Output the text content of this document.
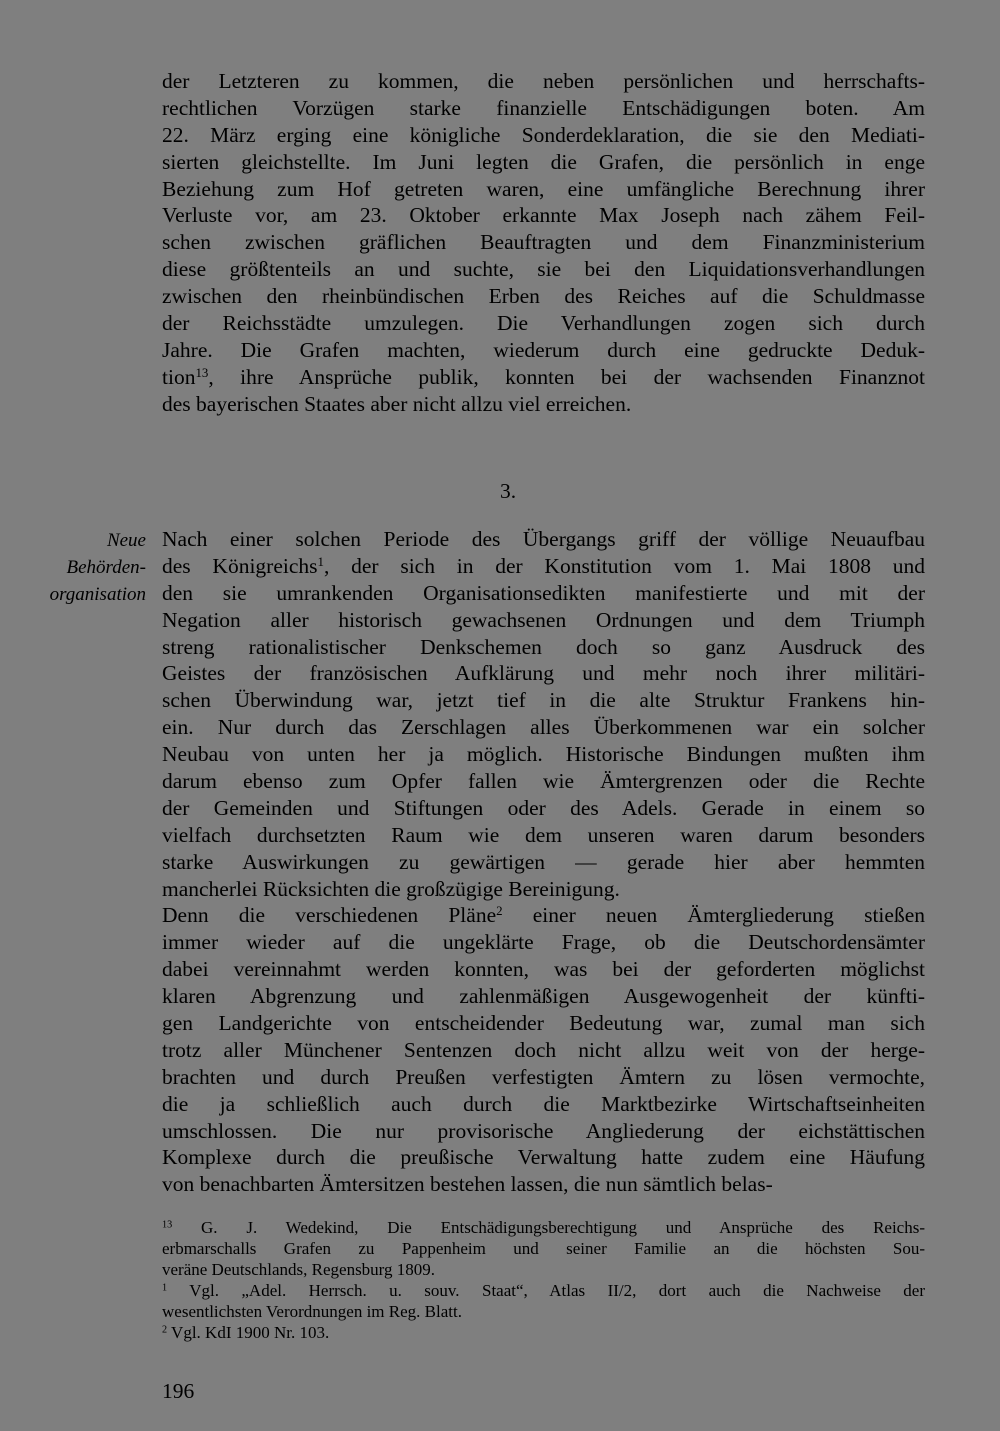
der Letzteren zu kommen, die neben persönlichen und herrschafts-
rechtlichen Vorzügen starke finanzielle Entschädigungen boten. Am
22. März erging eine königliche Sonderdeklaration, die sie den Mediati-
sierten gleichstellte. Im Juni legten die Grafen, die persönlich in enge
Beziehung zum Hof getreten waren, eine umfängliche Berechnung ihrer
Verluste vor, am 23. Oktober erkannte Max Joseph nach zähem Feil-
schen zwischen gräflichen Beauftragten und dem Finanzministerium
diese größtenteils an und suchte, sie bei den Liquidationsverhandlungen
zwischen den rheinbündischen Erben des Reiches auf die Schuldmasse
der Reichsstädte umzulegen. Die Verhandlungen zogen sich durch
Jahre. Die Grafen machten, wiederum durch eine gedruckte Deduk-
tion$^{13}$, ihre Ansprüche publik, konnten bei der wachsenden Finanznot
des bayerischen Staates aber nicht allzu viel erreichen.
3.
Neue
Behörden-
organisation
Nach einer solchen Periode des Übergangs griff der völlige Neuaufbau
des Königreichs$^1$, der sich in der Konstitution vom 1. Mai 1808 und
den sie umrankenden Organisationsedikten manifestierte und mit der
Negation aller historisch gewachsenen Ordnungen und dem Triumph
streng rationalistischer Denkschemen doch so ganz Ausdruck des
Geistes der französischen Aufklärung und mehr noch ihrer militäri-
schen Überwindung war, jetzt tief in die alte Struktur Frankens hin-
ein. Nur durch das Zerschlagen alles Überkommenen war ein solcher
Neubau von unten her ja möglich. Historische Bindungen mußten ihm
darum ebenso zum Opfer fallen wie Ämtergrenzen oder die Rechte
der Gemeinden und Stiftungen oder des Adels. Gerade in einem so
vielfach durchsetzten Raum wie dem unseren waren darum besonders
starke Auswirkungen zu gewärtigen — gerade hier aber hemmten
mancherlei Rücksichten die großzügige Bereinigung.
Denn die verschiedenen Pläne$^2$ einer neuen Ämtergliederung stießen
immer wieder auf die ungeklärte Frage, ob die Deutschordensämter
dabei vereinnahmt werden konnten, was bei der geforderten möglichst
klaren Abgrenzung und zahlenmäßigen Ausgewogenheit der künfti-
gen Landgerichte von entscheidender Bedeutung war, zumal man sich
trotz aller Münchener Sentenzen doch nicht allzu weit von der herge-
brachten und durch Preußen verfestigten Ämtern zu lösen vermochte,
die ja schließlich auch durch die Marktbezirke Wirtschaftseinheiten
umschlossen. Die nur provisorische Angliederung der eichstättischen
Komplexe durch die preußische Verwaltung hatte zudem eine Häufung
von benachbarten Ämtersitzen bestehen lassen, die nun sämtlich belas-
$^{13}$ G. J. Wedekind, Die Entschädigungsberechtigung und Ansprüche des Reichs-
erbmarschalls Grafen zu Pappenheim und seiner Familie an die höchsten Sou-
veräne Deutschlands, Regensburg 1809.
$^1$ Vgl. „Adel. Herrsch. u. souv. Staat“, Atlas II/2, dort auch die Nachweise der
wesentlichsten Verordnungen im Reg. Blatt.
$^2$ Vgl. KdI 1900 Nr. 103.
196
